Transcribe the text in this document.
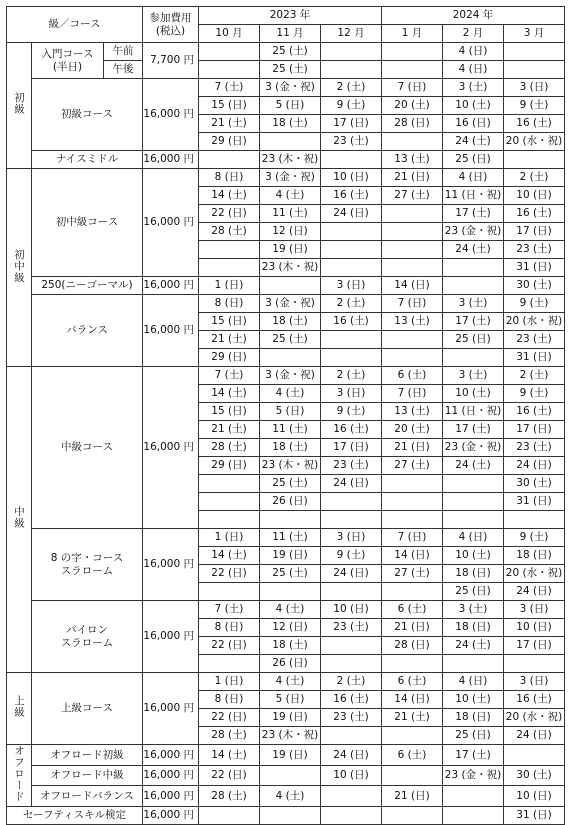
級／コース			参加費用
(税込)	2023 年			2024 年		
				10 月	11 月	12 月	1 月	2 月	3 月
初級	入門コース
(半日)	午前	7,700 円		25 (土)			4 (日)	
		午後			25 (土)			4 (日)	

	初級コース		16,000 円	7 (土)	3 (金・祝)	2 (土)	7 (日)	3 (土)	3 (日)
				15 (日)	5 (日)	9 (土)	20 (土)	10 (土)	9 (土)
				21 (土)	18 (土)	17 (日)	28 (日)	16 (日)	16 (土)
				29 (日)		23 (土)		24 (土)	20 (水・祝)

	ナイスミドル		16,000 円		23 (木・祝)		13 (土)	25 (日)	
初中級	初中級コース		16,000 円	8 (日)	3 (金・祝)	10 (日)	21 (日)	4 (日)	2 (土)
				14 (土)	4 (土)	16 (土)	27 (土)	11 (日・祝)	10 (日)
				22 (日)	11 (土)	24 (日)		17 (土)	16 (土)
				28 (土)	12 (日)			23 (金・祝)	17 (日)
					19 (日)			24 (土)	23 (土)
					23 (木・祝)				31 (日)

	250(ニーゴーマル)		16,000 円	1 (日)		3 (日)	14 (日)		30 (土)

	バランス		16,000 円	8 (日)	3 (金・祝)	2 (土)	7 (日)	3 (土)	9 (土)
				15 (日)	18 (土)	16 (土)	13 (土)	17 (土)	20 (水・祝)
				21 (土)	25 (土)			25 (日)	23 (土)
				29 (日)					31 (日)
中級	中級コース		16,000 円	7 (土)	3 (金・祝)	2 (土)	6 (土)	3 (土)	2 (土)
				14 (土)	4 (土)	3 (日)	7 (日)	10 (土)	9 (土)
				15 (日)	5 (日)	9 (土)	13 (土)	11 (日・祝)	16 (土)
				21 (土)	11 (土)	16 (土)	20 (土)	17 (土)	17 (日)
				28 (土)	18 (土)	17 (日)	21 (日)	23 (金・祝)	23 (土)
				29 (日)	23 (木・祝)	23 (土)	27 (土)	24 (土)	24 (日)
					25 (土)	24 (日)			30 (土)
					26 (日)				31 (日)

	8 の字・コース
スラローム		16,000 円	1 (日)	11 (土)	3 (日)	7 (日)	4 (日)	9 (土)
				14 (土)	19 (日)	9 (土)	14 (日)	10 (土)	18 (日)
				22 (日)	25 (土)	24 (日)	27 (土)	18 (日)	20 (水・祝)
								25 (日)	24 (日)

	パイロン
スラローム		16,000 円	7 (土)	4 (土)	10 (日)	6 (土)	3 (土)	3 (日)
				8 (日)	12 (日)	23 (土)	21 (日)	18 (日)	10 (日)
				22 (日)	18 (土)		28 (日)	24 (土)	17 (日)
					26 (日)				
上級	上級コース		16,000 円	1 (日)	4 (土)	2 (土)	6 (土)	4 (日)	3 (日)
				8 (日)	5 (日)	16 (土)	14 (日)	10 (土)	16 (土)
				22 (日)	19 (日)	23 (土)	21 (土)	18 (日)	20 (水・祝)
				28 (土)	23 (木・祝)			25 (日)	24 (日)
オフロード	オフロード初級		16,000 円	14 (土)	19 (日)	24 (日)	6 (土)	17 (土)	

	オフロード中級		16,000 円	22 (日)		10 (日)		23 (金・祝)	30 (土)

	オフロードバランス		16,000 円	28 (土)	4 (土)		21 (日)		10 (日)
セーフティスキル検定			16,000 円						31 (日)
